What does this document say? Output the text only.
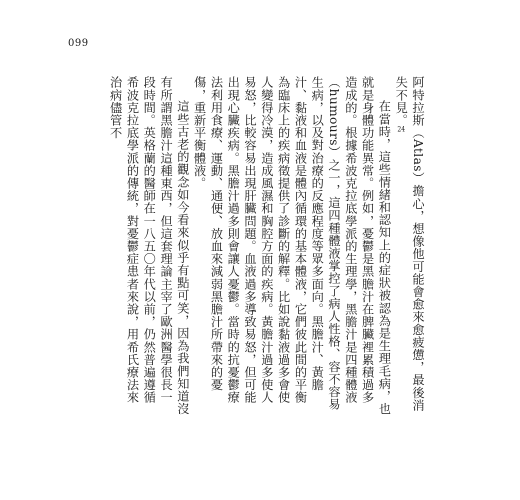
099

阿特拉斯（Atlas）擔心，想像他可能會愈來愈疲憊，最後消失不見。24

在當時，這些情緒和認知上的症狀被認為是生理毛病，也就是身體功能異常。例如，憂鬱是黑膽汁在脾臟裡累積過多造成的。根據希波克拉底學派的生理學，黑膽汁是四種體液（humours）之一，這四種體液掌控了病人性格、容不容易生病，以及對治療的反應程度等眾多面向。黑膽汁、黃膽汁、黏液和血液是體內循環的基本體液，它們彼此間的平衡為臨床上的疾病徵提供了診斷的解釋。比如說黏液過多會使人變得冷漠，造成風濕和胸腔方面的疾病。黃膽汁過多使人易怒，比較容易出現肝臟問題。血液過多導致易怒，但可能出現心臟疾病。黑膽汁過多則會讓人憂鬱。當時的抗憂鬱療法利用食療、運動、通便、放血來減弱黑膽汁所帶來的憂傷，重新平衡體液。

這些古老的觀念如今看來似乎有點可笑，因為我們知道沒有所謂黑膽汁這種東西，但這套理論主宰了歐洲醫學很長一段時間。英格蘭的醫師在一八五〇年代以前，仍然普遍遵循希波克拉底學派的傳統，對憂鬱症患者來說，用希氏療法來治病儘管不
